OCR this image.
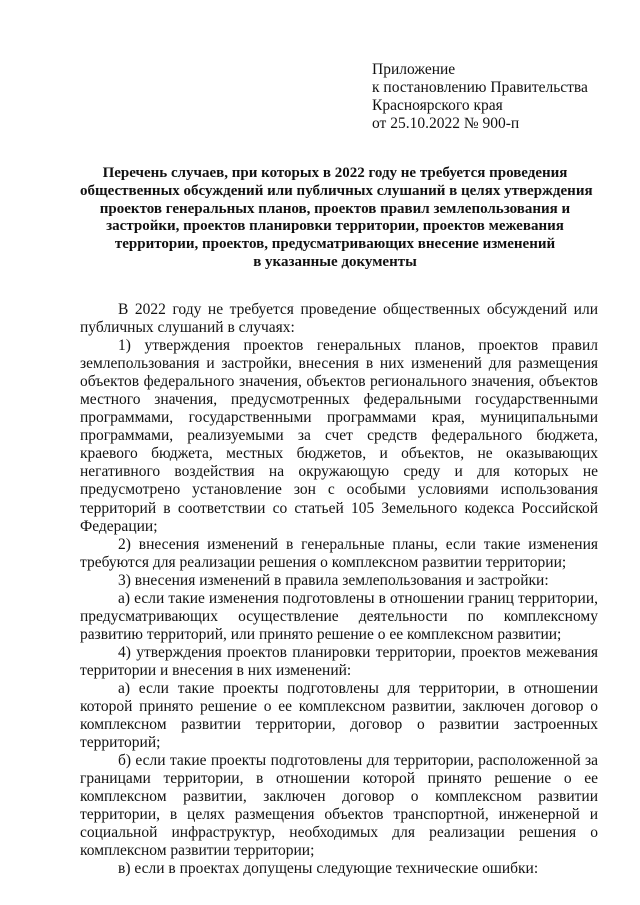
Приложение
к постановлению Правительства
Красноярского края
от 25.10.2022 № 900-п
Перечень случаев, при которых в 2022 году не требуется проведения
общественных обсуждений или публичных слушаний в целях утверждения
проектов генеральных планов, проектов правил землепользования и
застройки, проектов планировки территории, проектов межевания
территории, проектов, предусматривающих внесение изменений
в указанные документы

В 2022 году не требуется проведение общественных обсуждений или публичных слушаний в случаях:

1) утверждения проектов генеральных планов, проектов правил землепользования и застройки, внесения в них изменений для размещения объектов федерального значения, объектов регионального значения, объектов местного значения, предусмотренных федеральными государственными программами, государственными программами края, муниципальными программами, реализуемыми за счет средств федерального бюджета, краевого бюджета, местных бюджетов, и объектов, не оказывающих негативного воздействия на окружающую среду и для которых не предусмотрено установление зон с особыми условиями использования территорий в соответствии со статьей 105 Земельного кодекса Российской Федерации;

2) внесения изменений в генеральные планы, если такие изменения требуются для реализации решения о комплексном развитии территории;

3) внесения изменений в правила землепользования и застройки:

а) если такие изменения подготовлены в отношении границ территории, предусматривающих осуществление деятельности по комплексному развитию территорий, или принято решение о ее комплексном развитии;

4) утверждения проектов планировки территории, проектов межевания территории и внесения в них изменений:

а) если такие проекты подготовлены для территории, в отношении которой принято решение о ее комплексном развитии, заключен договор о комплексном развитии территории, договор о развитии застроенных территорий;

б) если такие проекты подготовлены для территории, расположенной за границами территории, в отношении которой принято решение о ее комплексном развитии, заключен договор о комплексном развитии территории, в целях размещения объектов транспортной, инженерной и социальной инфраструктур, необходимых для реализации решения о комплексном развитии территории;

в) если в проектах допущены следующие технические ошибки:
